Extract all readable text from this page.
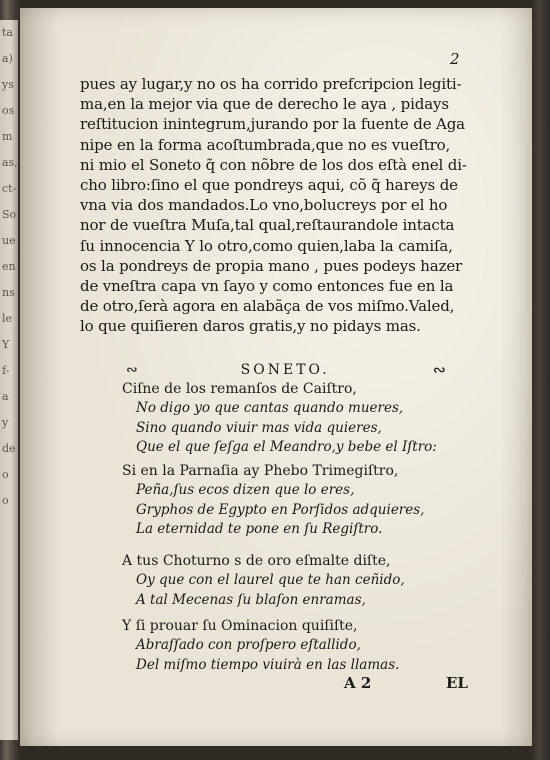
ta
a)
ys
os
m
as,
ct-
So
ue
en
ns
le
Y
f-
a
y
de
o
o
2
pues ay lugar,y no os ha corrido prefcripcion legiti-
ma,en la mejor via que de derecho le aya , pidays
reſtitucion inintegrum,jurando por la fuente de Aga
nipe en la forma acoſtumbrada,que no es vueſtro,
ni mio el Soneto q̃ con nõbre de los dos eſtà enel di-
cho libro:ſino el que pondreys aqui, cõ q̃ hareys de
vna via dos mandados.Lo vno,bolucreys por el ho
nor de vueſtra Muſa,tal qual,reſtaurandole intacta
ſu innocencia Y lo otro,como quien,laba la camiſa,
os la pondreys de propia mano , pues podeys hazer
de vneſtra capa vn ſayo y como entonces fue en la
de otro,ſerà agora en alabãça de vos miſmo.Valed,
lo que quiſieren daros gratis,y no pidays mas.
∾	SONETO.	∾
Ciſne de los remanſos de Caiſtro,
No digo yo que cantas quando mueres,
Sino quando viuir mas vida quieres,
Que el que ſeſga el Meandro,y bebe el Iſtro:
Si en la Parnaſia ay Phebo Trimegiſtro,
Peña,ſus ecos dizen que lo eres,
Gryphos de Egypto en Porſidos adquieres,
La eternidad te pone en ſu Regiſtro.
A tus Choturno s de oro eſmalte diſte,
Oy que con el laurel que te han ceñido,
A tal Mecenas ſu blaſon enramas,
Y ſi prouar ſu Ominacion quiſiſte,
Abraſſado con proſpero eſtallido,
Del miſmo tiempo viuirà en las llamas.
A 2	EL
